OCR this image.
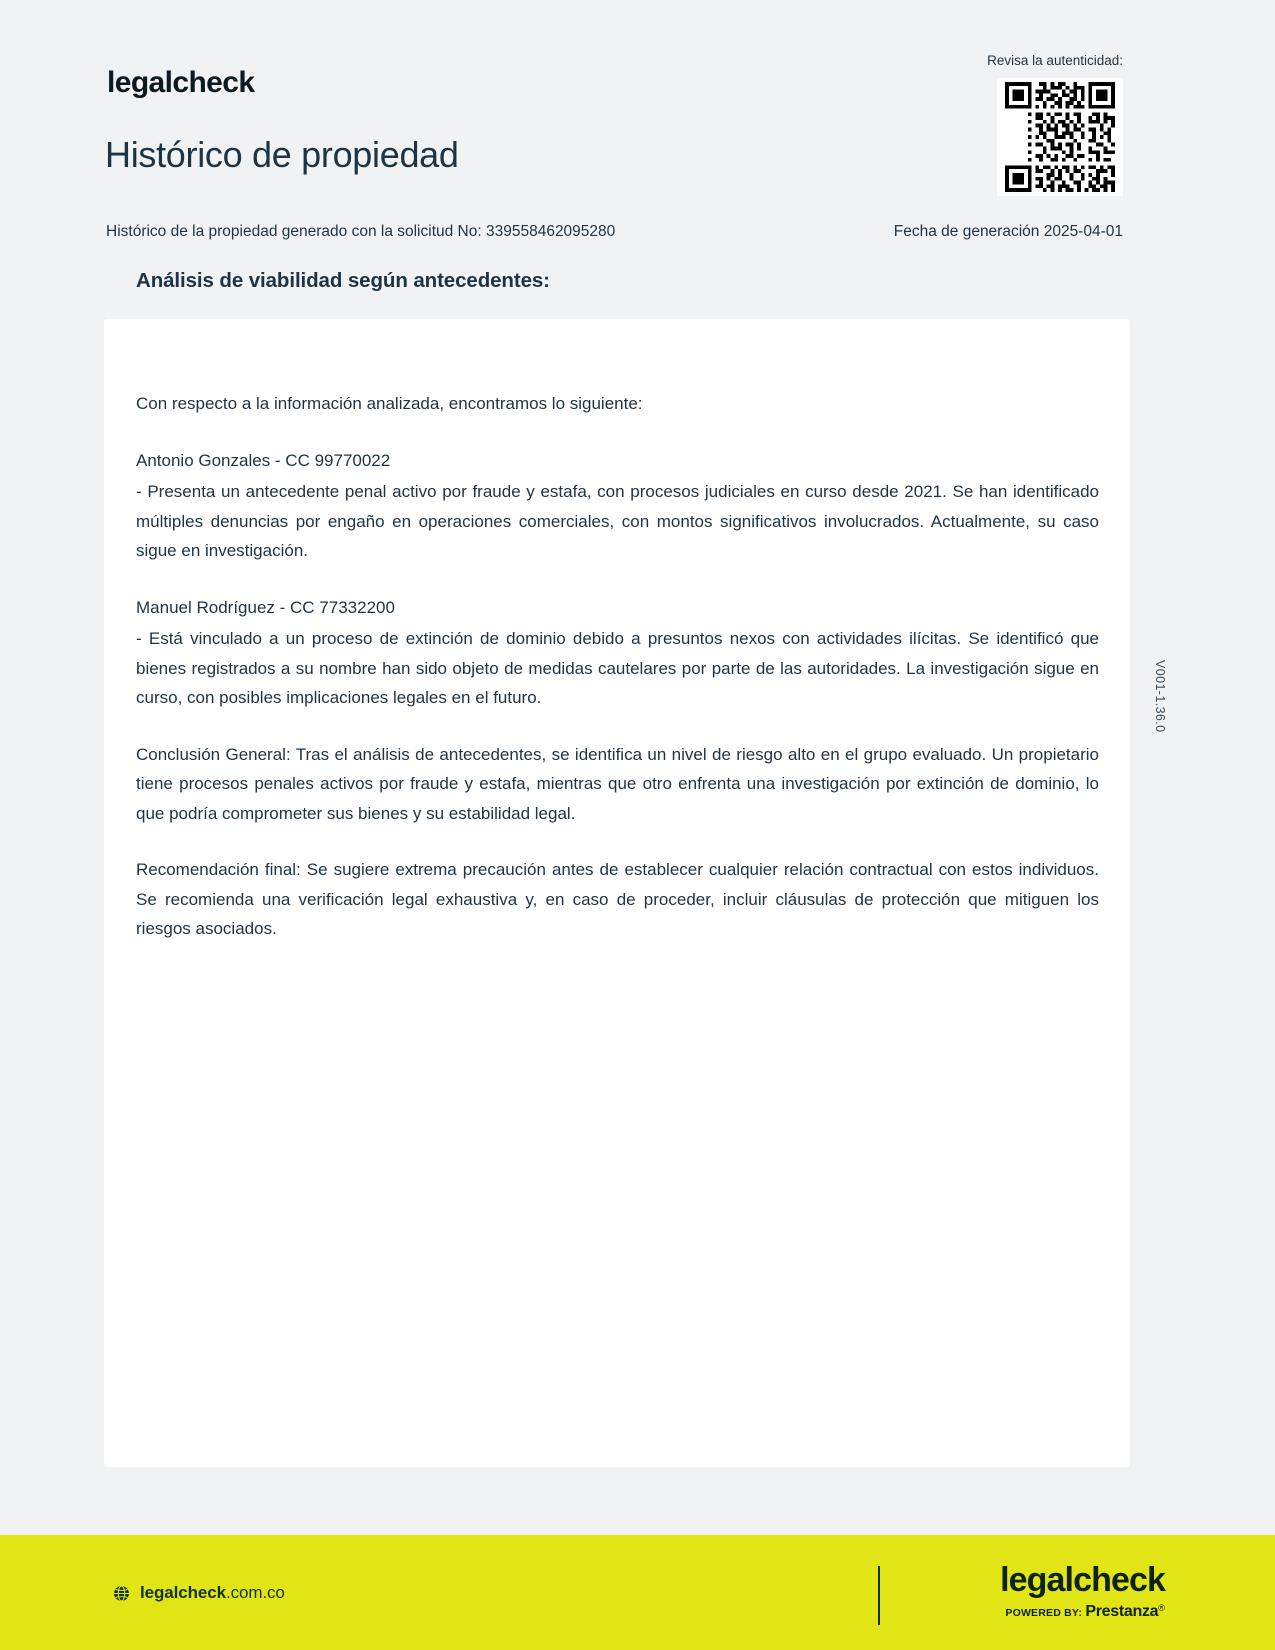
legalcheck
Histórico de propiedad
Revisa la autenticidad:
Histórico de la propiedad generado con la solicitud No: 339558462095280	Fecha de generación 2025-04-01
Análisis de viabilidad según antecedentes:

Con respecto a la información analizada, encontramos lo siguiente:

Antonio Gonzales - CC 99770022

- Presenta un antecedente penal activo por fraude y estafa, con procesos judiciales en curso desde 2021. Se han identificado múltiples denuncias por engaño en operaciones comerciales, con montos significativos involucrados. Actualmente, su caso sigue en investigación.

Manuel Rodríguez - CC 77332200

- Está vinculado a un proceso de extinción de dominio debido a presuntos nexos con actividades ilícitas. Se identificó que bienes registrados a su nombre han sido objeto de medidas cautelares por parte de las autoridades. La investigación sigue en curso, con posibles implicaciones legales en el futuro.

Conclusión General: Tras el análisis de antecedentes, se identifica un nivel de riesgo alto en el grupo evaluado. Un propietario tiene procesos penales activos por fraude y estafa, mientras que otro enfrenta una investigación por extinción de dominio, lo que podría comprometer sus bienes y su estabilidad legal.

Recomendación final: Se sugiere extrema precaución antes de establecer cualquier relación contractual con estos individuos. Se recomienda una verificación legal exhaustiva y, en caso de proceder, incluir cláusulas de protección que mitiguen los riesgos asociados.

V001-1.36.0
legalcheck.com.co	legalcheck
POWERED BY: Prestanza®
